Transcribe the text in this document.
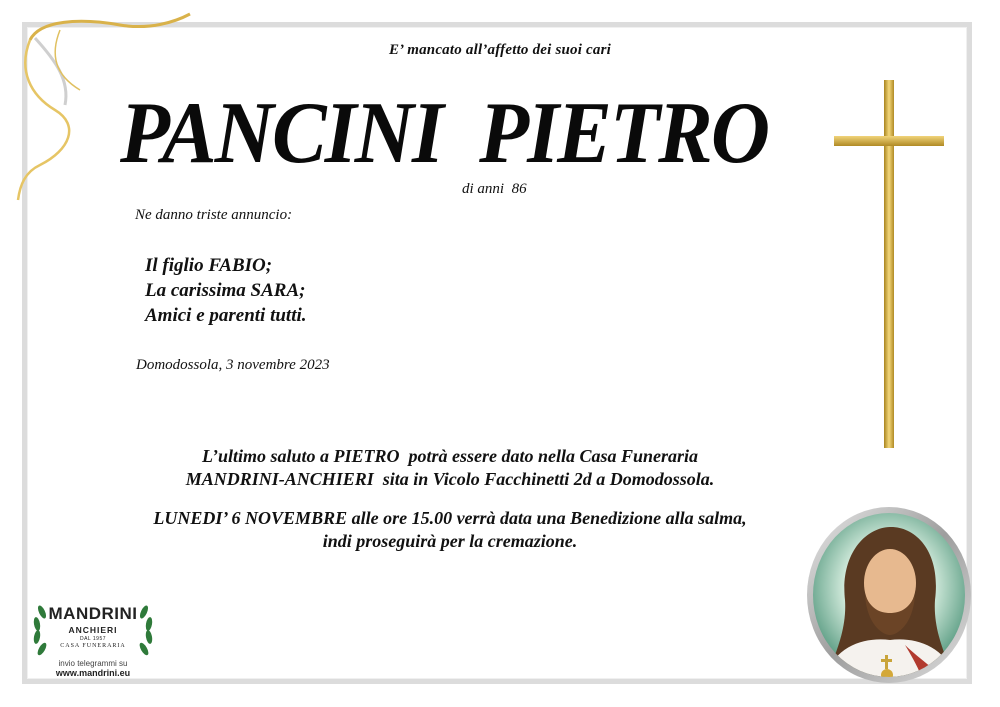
E’ mancato all’affetto dei suoi cari
PANCINI  PIETRO
di anni  86
Ne danno triste annuncio:
Il figlio FABIO;
La carissima SARA;
Amici e parenti tutti.
Domodossola, 3 novembre 2023

L’ultimo saluto a PIETRO  potrà essere dato nella Casa Funeraria

MANDRINI-ANCHIERI  sita in Vicolo Facchinetti 2d a Domodossola.

LUNEDI’ 6 NOVEMBRE alle ore 15.00 verrà data una Benedizione alla salma,

indi proseguirà per la cremazione.

MANDRINI
ANCHIERI
DAL 1957
CASA FUNERARIA
invio telegrammi su
www.mandrini.eu
